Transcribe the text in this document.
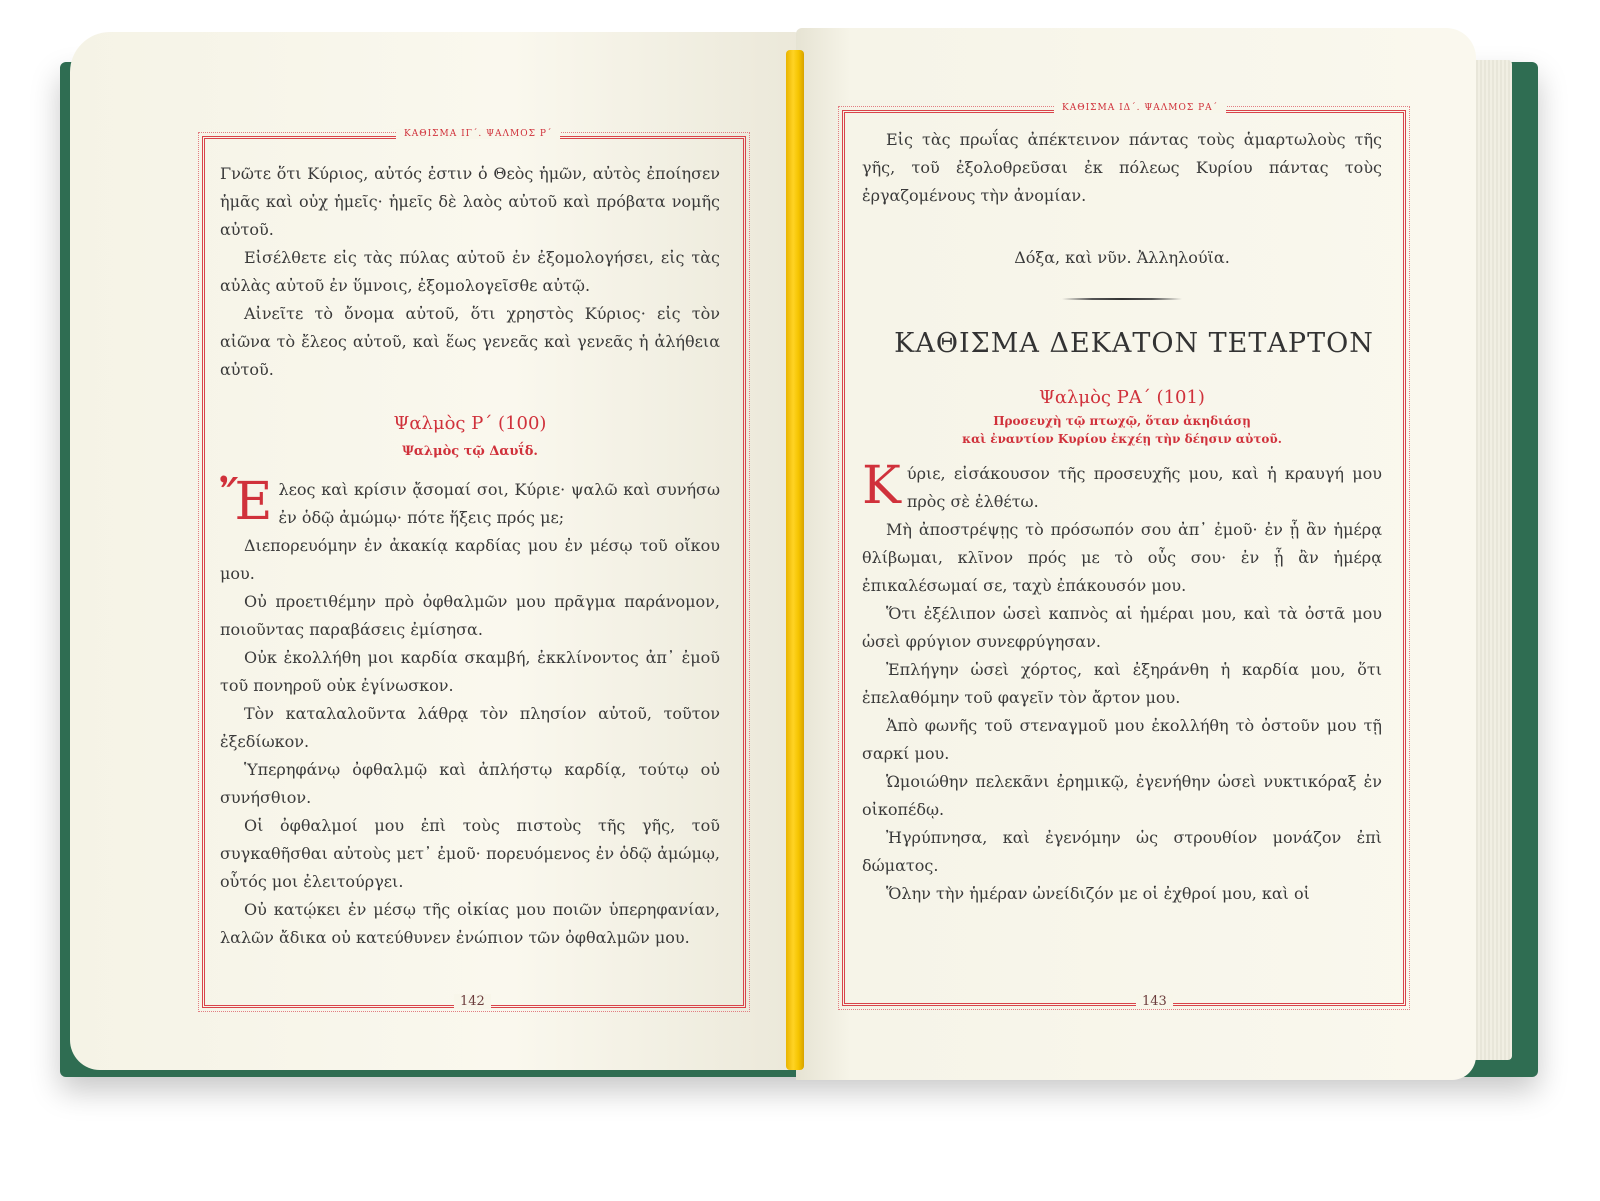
ΚΑΘΙΣΜΑ ΙΓ΄. ΨΑΛΜΟΣ Ρ΄

Γνῶτε ὅτι Κύριος, αὐτός ἐστιν ὁ Θεὸς ἡμῶν, αὐτὸς ἐποίησεν ἡμᾶς καὶ οὐχ ἡμεῖς· ἡμεῖς δὲ λαὸς αὐτοῦ καὶ πρόβατα νομῆς αὐτοῦ.

Εἰσέλθετε εἰς τὰς πύλας αὐτοῦ ἐν ἐξομολογήσει, εἰς τὰς αὐλὰς αὐτοῦ ἐν ὕμνοις, ἐξομολογεῖσθε αὐτῷ.

Αἰνεῖτε τὸ ὄνομα αὐτοῦ, ὅτι χρηστὸς Κύριος· εἰς τὸν αἰῶνα τὸ ἔλεος αὐτοῦ, καὶ ἕως γενεᾶς καὶ γενεᾶς ἡ ἀλήθεια αὐτοῦ.

Ψαλμὸς Ρ΄ (100)

Ψαλμὸς τῷ Δαυΐδ.

Ἔλεος καὶ κρίσιν ᾄσομαί σοι, Κύριε· ψαλῶ καὶ συνήσω ἐν ὁδῷ ἀμώμῳ· πότε ἥξεις πρός με;

Διεπορευόμην ἐν ἀκακίᾳ καρδίας μου ἐν μέσῳ τοῦ οἴκου μου.

Οὐ προετιθέμην πρὸ ὀφθαλμῶν μου πρᾶγμα παράνομον, ποιοῦντας παραβάσεις ἐμίσησα.

Οὐκ ἐκολλήθη μοι καρδία σκαμβή, ἐκκλίνοντος ἀπ᾿ ἐμοῦ τοῦ πονηροῦ οὐκ ἐγίνωσκον.

Τὸν καταλαλοῦντα λάθρᾳ τὸν πλησίον αὐτοῦ, τοῦτον ἐξεδίωκον.

Ὑπερηφάνῳ ὀφθαλμῷ καὶ ἀπλήστῳ καρδίᾳ, τούτῳ οὐ συνήσθιον.

Οἱ ὀφθαλμοί μου ἐπὶ τοὺς πιστοὺς τῆς γῆς, τοῦ συγκαθῆσθαι αὐτοὺς μετ᾿ ἐμοῦ· πορευόμενος ἐν ὁδῷ ἀμώμῳ, οὗτός μοι ἐλειτούργει.

Οὐ κατῴκει ἐν μέσῳ τῆς οἰκίας μου ποιῶν ὑπερηφανίαν, λαλῶν ἄδικα οὐ κατεύθυνεν ἐνώπιον τῶν ὀφθαλμῶν μου.

142
ΚΑΘΙΣΜΑ ΙΔ΄. ΨΑΛΜΟΣ ΡΑ΄

Εἰς τὰς πρωΐας ἀπέκτεινον πάντας τοὺς ἁμαρτωλοὺς τῆς γῆς, τοῦ ἐξολοθρεῦσαι ἐκ πόλεως Κυρίου πάντας τοὺς ἐργαζομένους τὴν ἀνομίαν.

Δόξα, καὶ νῦν. Ἀλληλούϊα.

ΚΑΘΙΣΜΑ ΔΕΚΑΤΟΝ ΤΕΤΑΡΤΟΝ

Ψαλμὸς ΡΑ΄ (101)

Προσευχὴ τῷ πτωχῷ, ὅταν ἀκηδιάσῃ
καὶ ἐναντίον Κυρίου ἐκχέῃ τὴν δέησιν αὐτοῦ.

Κύριε, εἰσάκουσον τῆς προσευχῆς μου, καὶ ἡ κραυγή μου πρὸς σὲ ἐλθέτω.

Μὴ ἀποστρέψῃς τὸ πρόσωπόν σου ἀπ᾿ ἐμοῦ· ἐν ᾗ ἂν ἡμέρᾳ θλίβωμαι, κλῖνον πρός με τὸ οὖς σου· ἐν ᾗ ἂν ἡμέρᾳ ἐπικαλέσωμαί σε, ταχὺ ἐπάκουσόν μου.

Ὅτι ἐξέλιπον ὡσεὶ καπνὸς αἱ ἡμέραι μου, καὶ τὰ ὀστᾶ μου ὡσεὶ φρύγιον συνεφρύγησαν.

Ἐπλήγην ὡσεὶ χόρτος, καὶ ἐξηράνθη ἡ καρδία μου, ὅτι ἐπελαθόμην τοῦ φαγεῖν τὸν ἄρτον μου.

Ἀπὸ φωνῆς τοῦ στεναγμοῦ μου ἐκολλήθη τὸ ὀστοῦν μου τῇ σαρκί μου.

Ὡμοιώθην πελεκᾶνι ἐρημικῷ, ἐγενήθην ὡσεὶ νυκτικόραξ ἐν οἰκοπέδῳ.

Ἠγρύπνησα, καὶ ἐγενόμην ὡς στρουθίον μονάζον ἐπὶ δώματος.

Ὅλην τὴν ἡμέραν ὠνείδιζόν με οἱ ἐχθροί μου, καὶ οἱ

143
